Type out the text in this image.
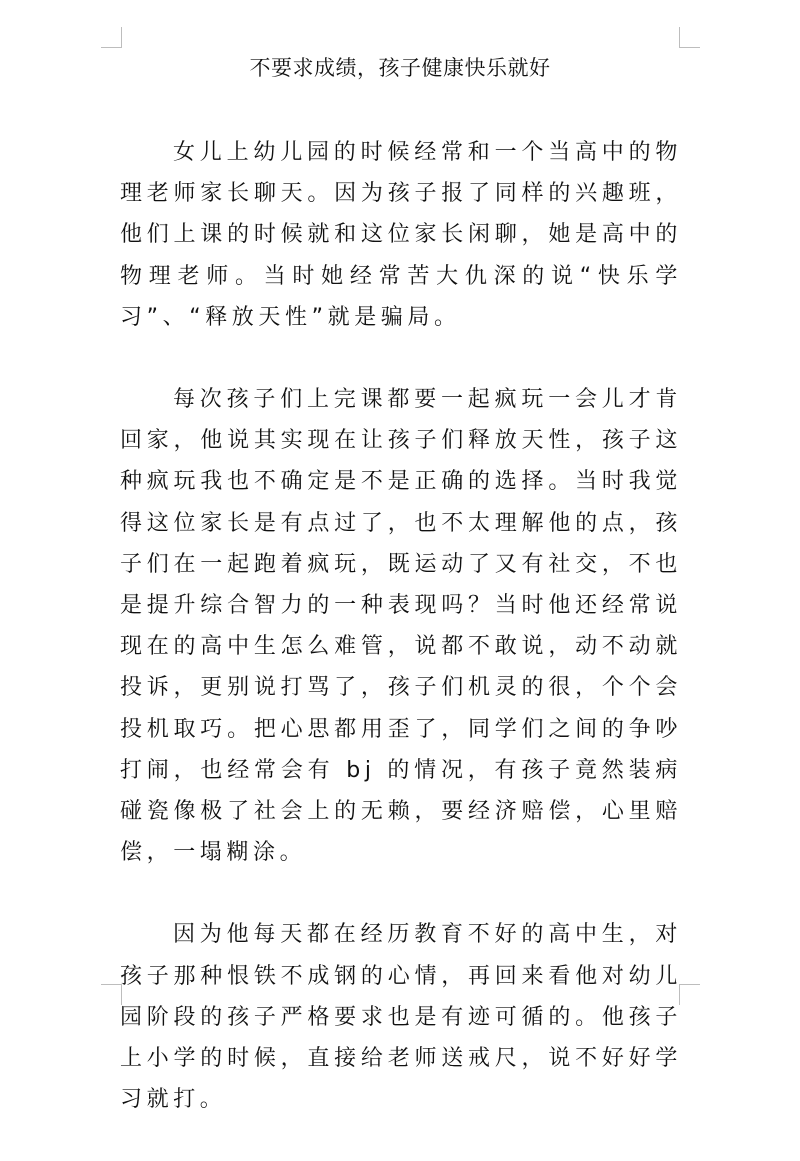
不要求成绩，孩子健康快乐就好

女儿上幼儿园的时候经常和一个当高中的物理老师家长聊天。因为孩子报了同样的兴趣班，他们上课的时候就和这位家长闲聊，她是高中的物理老师。当时她经常苦大仇深的说“快乐学习”、“释放天性”就是骗局。

每次孩子们上完课都要一起疯玩一会儿才肯回家，他说其实现在让孩子们释放天性，孩子这种疯玩我也不确定是不是正确的选择。当时我觉得这位家长是有点过了，也不太理解他的点，孩子们在一起跑着疯玩，既运动了又有社交，不也是提升综合智力的一种表现吗？当时他还经常说现在的高中生怎么难管，说都不敢说，动不动就投诉，更别说打骂了，孩子们机灵的很，个个会投机取巧。把心思都用歪了，同学们之间的争吵打闹，也经常会有 bj 的情况，有孩子竟然装病碰瓷像极了社会上的无赖，要经济赔偿，心里赔偿，一塌糊涂。

因为他每天都在经历教育不好的高中生，对孩子那种恨铁不成钢的心情，再回来看他对幼儿园阶段的孩子严格要求也是有迹可循的。他孩子上小学的时候，直接给老师送戒尺，说不好好学习就打。
